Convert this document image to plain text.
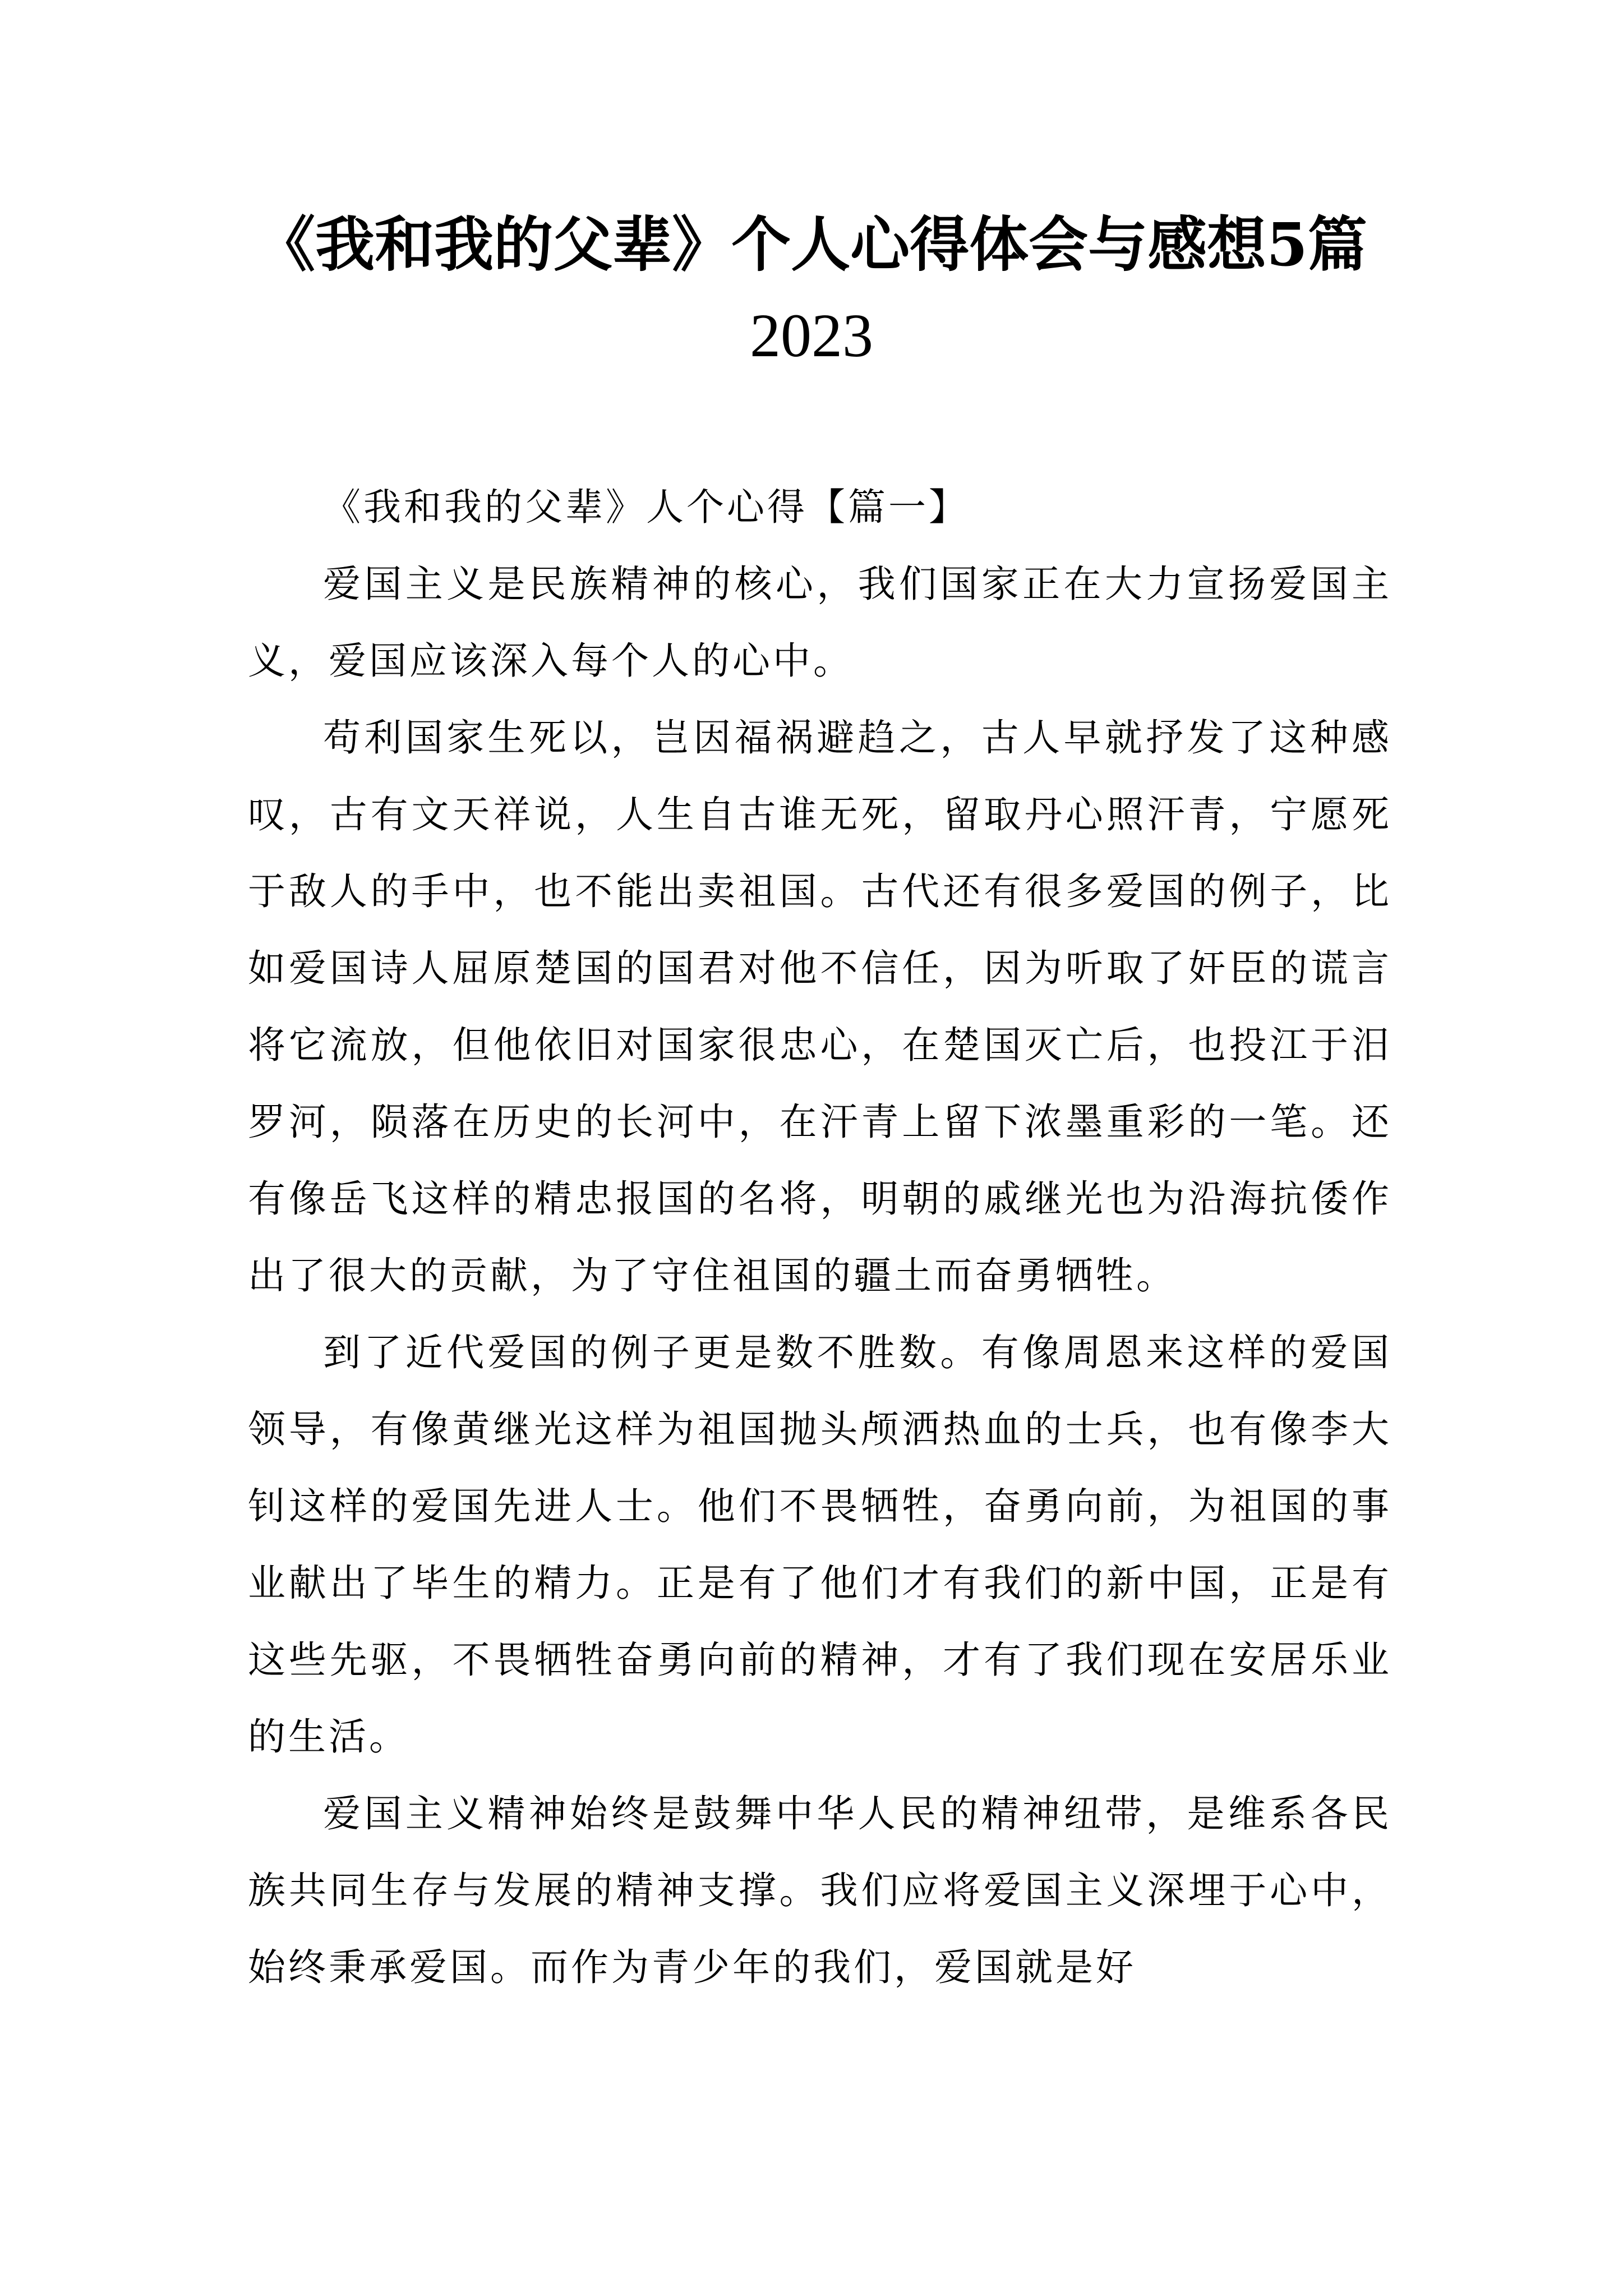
《我和我的父辈》个人心得体会与感想5篇
2023

《我和我的父辈》人个心得【篇一】

爱国主义是民族精神的核心，我们国家正在大力宣扬爱国主义，爱国应该深入每个人的心中。

苟利国家生死以，岂因福祸避趋之，古人早就抒发了这种感叹，古有文天祥说，人生自古谁无死，留取丹心照汗青，宁愿死于敌人的手中，也不能出卖祖国。古代还有很多爱国的例子，比如爱国诗人屈原楚国的国君对他不信任，因为听取了奸臣的谎言将它流放，但他依旧对国家很忠心，在楚国灭亡后，也投江于汨罗河，陨落在历史的长河中，在汗青上留下浓墨重彩的一笔。还有像岳飞这样的精忠报国的名将，明朝的戚继光也为沿海抗倭作出了很大的贡献，为了守住祖国的疆土而奋勇牺牲。

到了近代爱国的例子更是数不胜数。有像周恩来这样的爱国领导，有像黄继光这样为祖国抛头颅洒热血的士兵，也有像李大钊这样的爱国先进人士。他们不畏牺牲，奋勇向前，为祖国的事业献出了毕生的精力。正是有了他们才有我们的新中国，正是有这些先驱，不畏牺牲奋勇向前的精神，才有了我们现在安居乐业的生活。

爱国主义精神始终是鼓舞中华人民的精神纽带，是维系各民族共同生存与发展的精神支撑。我们应将爱国主义深埋于心中，始终秉承爱国。而作为青少年的我们，爱国就是好
